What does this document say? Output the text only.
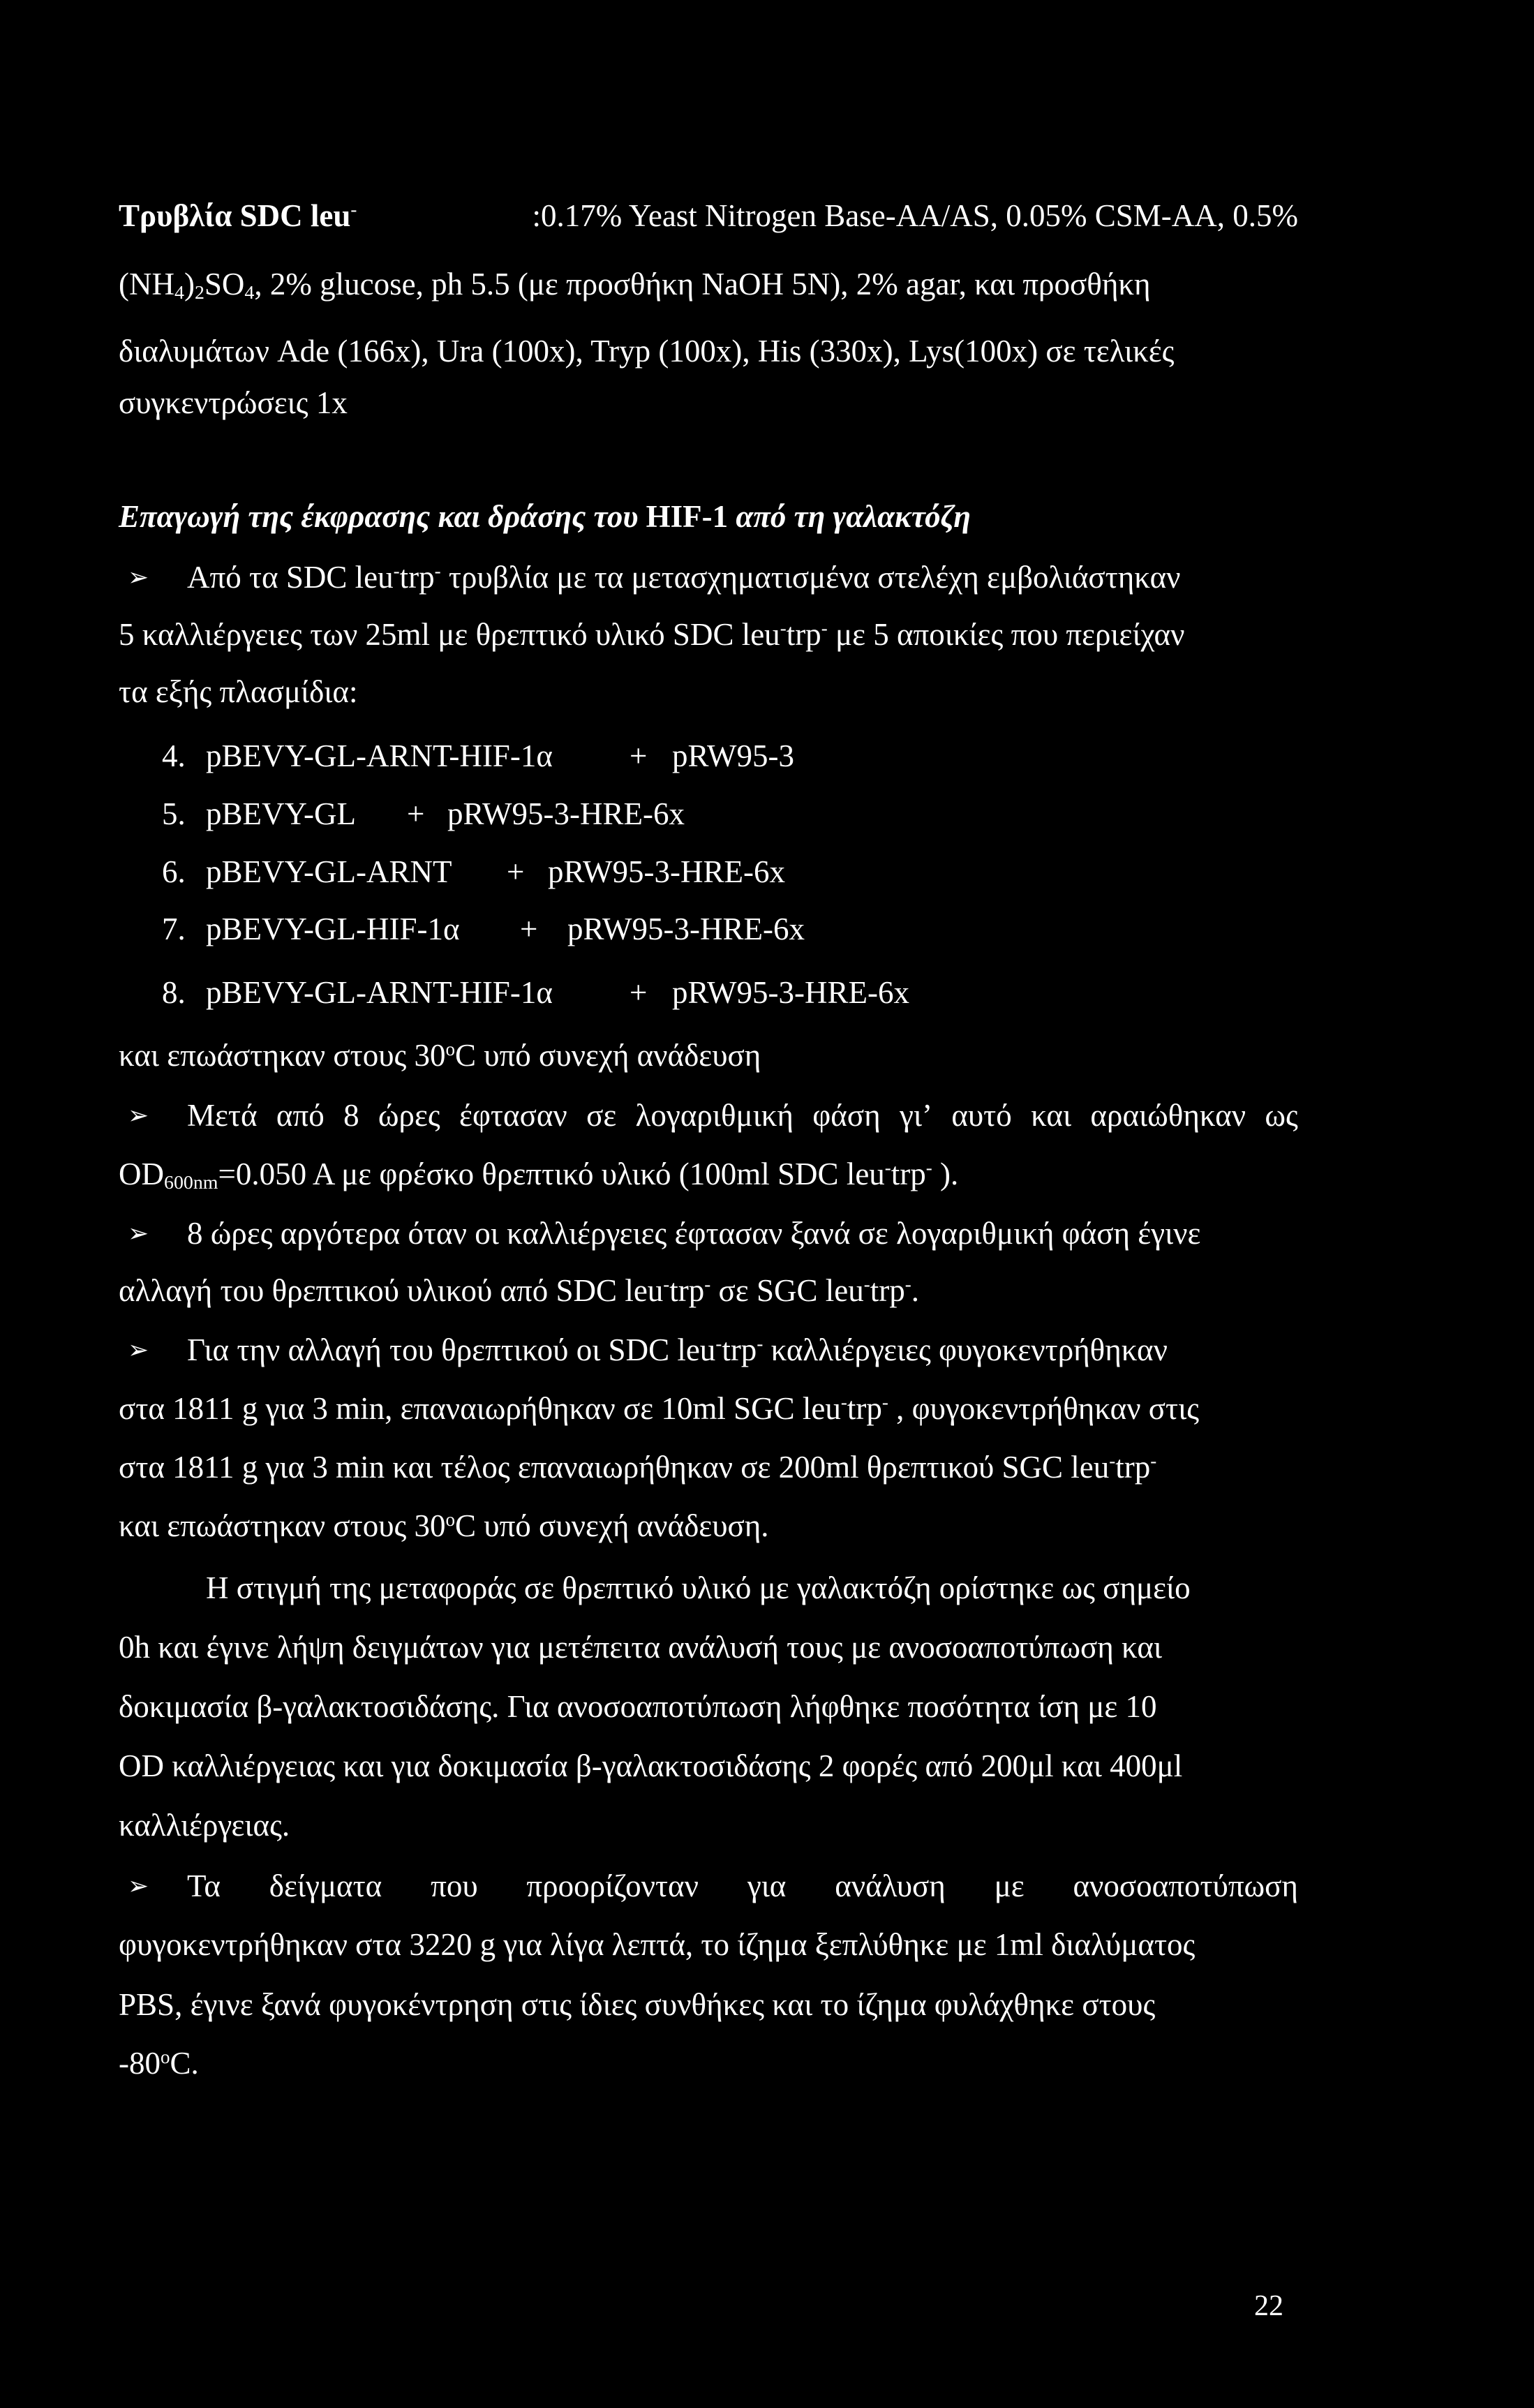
Τρυβλία SDC leu-	:0.17% Yeast Nitrogen Base-AA/AS, 0.05% CSM-AA, 0.5%
$(NH_4)_2SO_4$, 2% glucose, ph 5.5 (με προσθήκη NaOH 5N), 2% agar, και προσθήκη
διαλυμάτων Ade (166x), Ura (100x), Tryp (100x), His (330x), Lys(100x) σε τελικές
συγκεντρώσεις 1x
Επαγωγή της έκφρασης και δράσης του HIF-1 από τη γαλακτόζη
➢ Από τα SDC leu-trp- τρυβλία με τα μετασχηματισμένα στελέχη εμβολιάστηκαν
5 καλλιέργειες των 25ml με θρεπτικό υλικό SDC leu-trp- με 5 αποικίες που περιείχαν
τα εξής πλασμίδια:
4. pBEVY-GL-ARNT-HIF-1α + pRW95-3
5. pBEVY-GL + pRW95-3-HRE-6x
6. pBEVY-GL-ARNT + pRW95-3-HRE-6x
7. pBEVY-GL-HIF-1α + pRW95-3-HRE-6x
8. pBEVY-GL-ARNT-HIF-1α + pRW95-3-HRE-6x
και επωάστηκαν στους 30$^o$C υπό συνεχή ανάδευση
➢ Μετά από 8 ώρες έφτασαν σε λογαριθμική φάση γι’ αυτό και αραιώθηκαν ως
$OD_{600nm}=0.050$ A με φρέσκο θρεπτικό υλικό (100ml SDC leu-trp- ).
➢ 8 ώρες αργότερα όταν οι καλλιέργειες έφτασαν ξανά σε λογαριθμική φάση έγινε
αλλαγή του θρεπτικού υλικού από SDC leu-trp- σε SGC leu-trp-.
➢ Για την αλλαγή του θρεπτικού οι SDC leu-trp- καλλιέργειες φυγοκεντρήθηκαν
στα 1811 g για 3 min, επαναιωρήθηκαν σε 10ml SGC leu-trp- , φυγοκεντρήθηκαν στις
στα 1811 g για 3 min και τέλος επαναιωρήθηκαν σε 200ml θρεπτικού SGC leu-trp-
και επωάστηκαν στους 30$^o$C υπό συνεχή ανάδευση.
Η στιγμή της μεταφοράς σε θρεπτικό υλικό με γαλακτόζη ορίστηκε ως σημείο
0h και έγινε λήψη δειγμάτων για μετέπειτα ανάλυσή τους με ανοσοαποτύπωση και
δοκιμασία β-γαλακτοσιδάσης. Για ανοσοαποτύπωση λήφθηκε ποσότητα ίση με 10
OD καλλιέργειας και για δοκιμασία β-γαλακτοσιδάσης 2 φορές από 200μl και 400μl
καλλιέργειας.
➢ Τα δείγματα που προορίζονταν για ανάλυση με ανοσοαποτύπωση
φυγοκεντρήθηκαν στα 3220 g για λίγα λεπτά, το ίζημα ξεπλύθηκε με 1ml διαλύματος
PBS, έγινε ξανά φυγοκέντρηση στις ίδιες συνθήκες και το ίζημα φυλάχθηκε στους
-80$^o$C.
22
